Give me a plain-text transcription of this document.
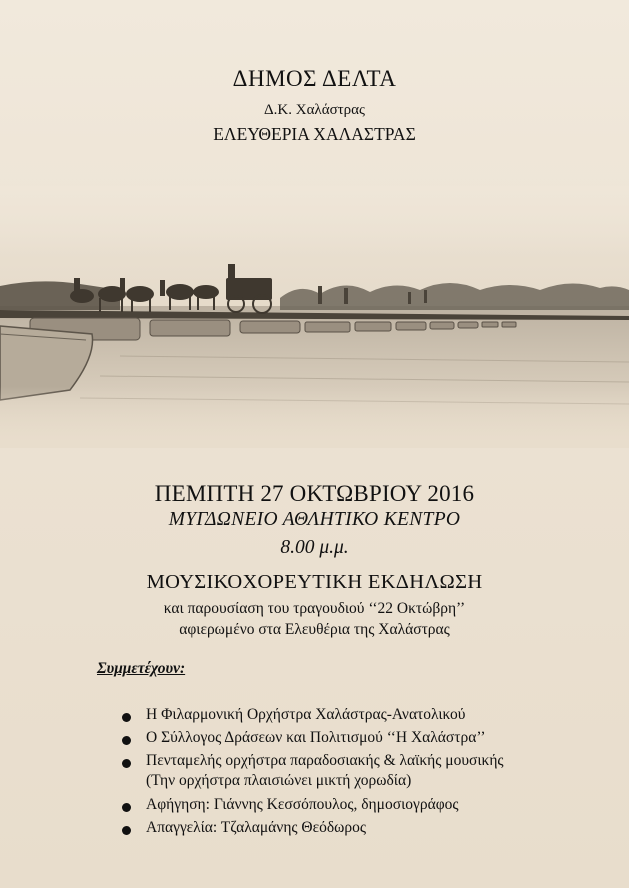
ΔΗΜΟΣ ΔΕΛΤΑ
Δ.Κ. Χαλάστρας
ΕΛΕΥΘΕΡΙΑ ΧΑΛΑΣΤΡΑΣ
ΠΕΜΠΤΗ 27 ΟΚΤΩΒΡΙΟΥ 2016
ΜΥΓΔΩΝΕΙΟ ΑΘΛΗΤΙΚΟ ΚΕΝΤΡΟ
8.00 μ.μ.
ΜΟΥΣΙΚΟΧΟΡΕΥΤΙΚΗ ΕΚΔΗΛΩΣΗ
και παρουσίαση του τραγουδιού ‘‘22 Οκτώβρη’’
αφιερωμένο στα Ελευθέρια της Χαλάστρας
Συμμετέχουν:
Η Φιλαρμονική Ορχήστρα Χαλάστρας-Ανατολικού
Ο Σύλλογος Δράσεων και Πολιτισμού ‘‘Η Χαλάστρα’’
Πενταμελής ορχήστρα παραδοσιακής & λαϊκής μουσικής
(Την ορχήστρα πλαισιώνει μικτή χορωδία)
Αφήγηση: Γιάννης Κεσσόπουλος, δημοσιογράφος
Απαγγελία: Τζαλαμάνης Θεόδωρος
